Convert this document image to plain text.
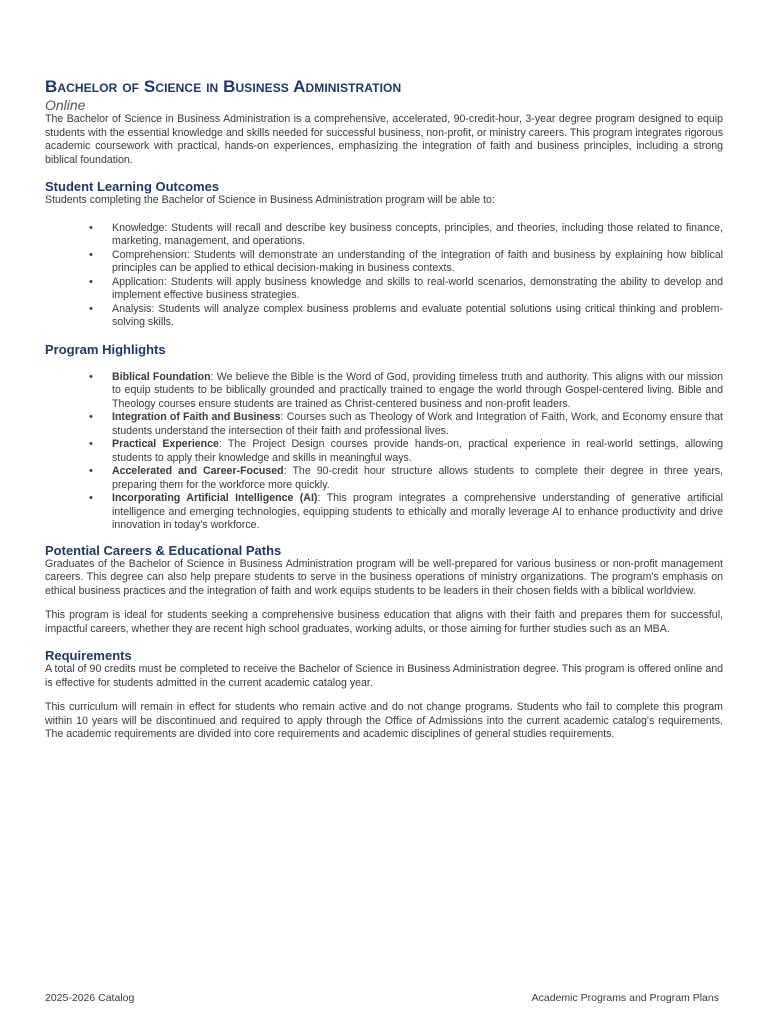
Bachelor of Science in Business Administration
Online

The Bachelor of Science in Business Administration is a comprehensive, accelerated, 90-credit-hour, 3-year degree program designed to equip students with the essential knowledge and skills needed for successful business, non-profit, or ministry careers. This program integrates rigorous academic coursework with practical, hands-on experiences, emphasizing the integration of faith and business principles, including a strong biblical foundation.

Student Learning Outcomes

Students completing the Bachelor of Science in Business Administration program will be able to:

• Knowledge: Students will recall and describe key business concepts, principles, and theories, including those related to finance, marketing, management, and operations.
• Comprehension: Students will demonstrate an understanding of the integration of faith and business by explaining how biblical principles can be applied to ethical decision-making in business contexts.
• Application: Students will apply business knowledge and skills to real-world scenarios, demonstrating the ability to develop and implement effective business strategies.
• Analysis: Students will analyze complex business problems and evaluate potential solutions using critical thinking and problem-solving skills.
Program Highlights
• Biblical Foundation: We believe the Bible is the Word of God, providing timeless truth and authority. This aligns with our mission to equip students to be biblically grounded and practically trained to engage the world through Gospel-centered living. Bible and Theology courses ensure students are trained as Christ-centered business and non-profit leaders.
• Integration of Faith and Business: Courses such as Theology of Work and Integration of Faith, Work, and Economy ensure that students understand the intersection of their faith and professional lives.
• Practical Experience: The Project Design courses provide hands-on, practical experience in real-world settings, allowing students to apply their knowledge and skills in meaningful ways.
• Accelerated and Career-Focused: The 90-credit hour structure allows students to complete their degree in three years, preparing them for the workforce more quickly.
• Incorporating Artificial Intelligence (AI): This program integrates a comprehensive understanding of generative artificial intelligence and emerging technologies, equipping students to ethically and morally leverage AI to enhance productivity and drive innovation in today's workforce.
Potential Careers & Educational Paths

Graduates of the Bachelor of Science in Business Administration program will be well-prepared for various business or non-profit management careers. This degree can also help prepare students to serve in the business operations of ministry organizations. The program's emphasis on ethical business practices and the integration of faith and work equips students to be leaders in their chosen fields with a biblical worldview.

This program is ideal for students seeking a comprehensive business education that aligns with their faith and prepares them for successful, impactful careers, whether they are recent high school graduates, working adults, or those aiming for further studies such as an MBA.

Requirements

A total of 90 credits must be completed to receive the Bachelor of Science in Business Administration degree. This program is offered online and is effective for students admitted in the current academic catalog year.

This curriculum will remain in effect for students who remain active and do not change programs. Students who fail to complete this program within 10 years will be discontinued and required to apply through the Office of Admissions into the current academic catalog's requirements. The academic requirements are divided into core requirements and academic disciplines of general studies requirements.

2025-2026 Catalog	Academic Programs and Program Plans
